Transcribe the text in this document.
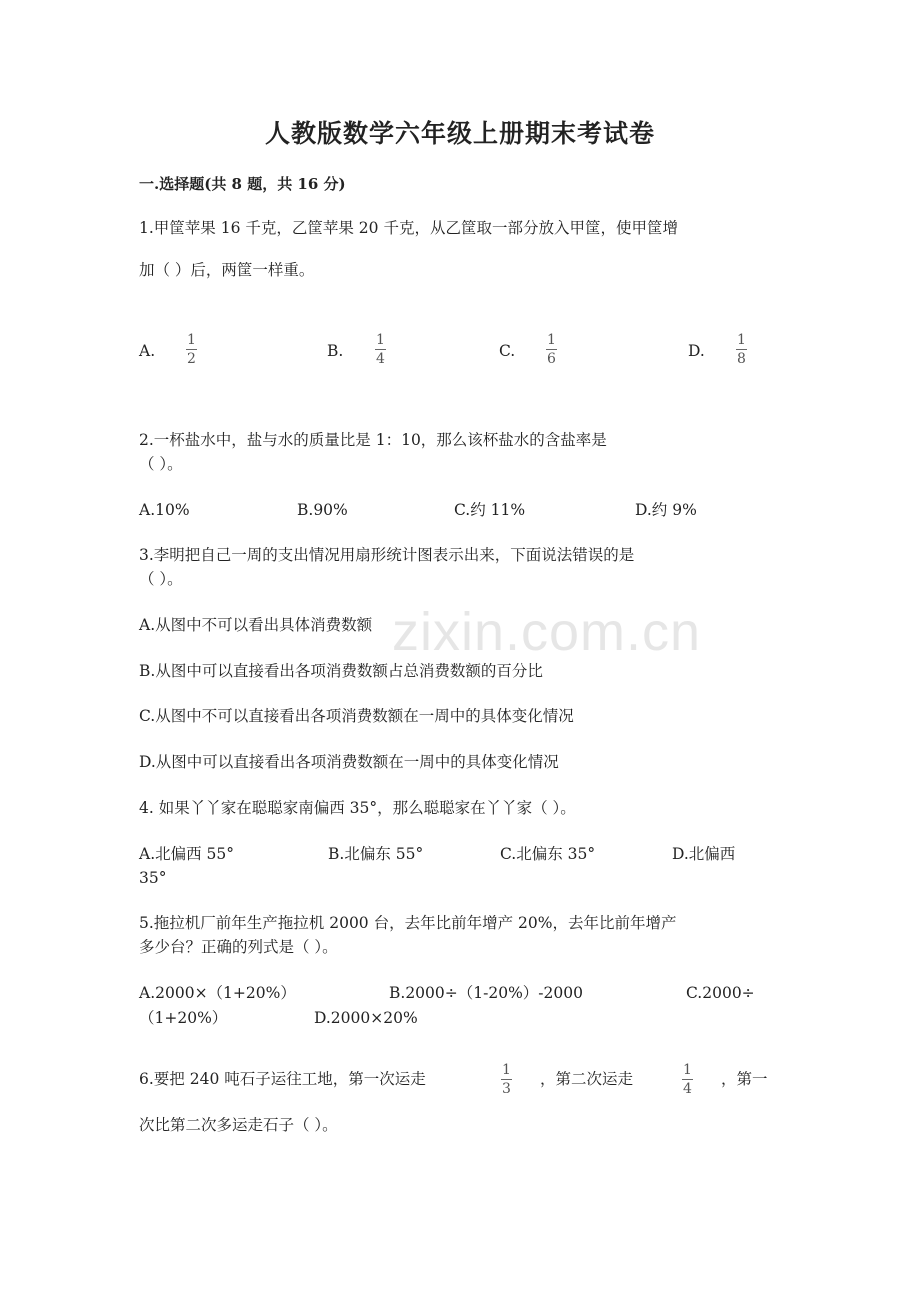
zixin.com.cn
人教版数学六年级上册期末考试卷
一.选择题(共 8 题，共 16 分)
1.甲筐苹果 16 千克，乙筐苹果 20 千克，从乙筐取一部分放入甲筐，使甲筐增
加（ ）后，两筐一样重。
A.
1
2	B.
1
4	C.
1
6	D.
1
8
2.一杯盐水中，盐与水的质量比是 1：10，那么该杯盐水的含盐率是
（ ）。
A.10%	B.90%	C.约 11%	D.约 9%
3.李明把自己一周的支出情况用扇形统计图表示出来，下面说法错误的是
（ ）。
A.从图中不可以看出具体消费数额
B.从图中可以直接看出各项消费数额占总消费数额的百分比
C.从图中不可以直接看出各项消费数额在一周中的具体变化情况
D.从图中可以直接看出各项消费数额在一周中的具体变化情况
4. 如果丫丫家在聪聪家南偏西 35°，那么聪聪家在丫丫家（ ）。
A.北偏西 55°	B.北偏东 55°	C.北偏东 35°	D.北偏西
35°
5.拖拉机厂前年生产拖拉机 2000 台，去年比前年增产 20%，去年比前年增产
多少台？正确的列式是（ ）。
A.2000×（1+20%）	B.2000÷（1-20%）-2000	C.2000÷
（1+20%）	D.2000×20%
6.要把 240 吨石子运往工地，第一次运走	1
3
，第二次运走	1
4
，第一
次比第二次多运走石子（ ）。
